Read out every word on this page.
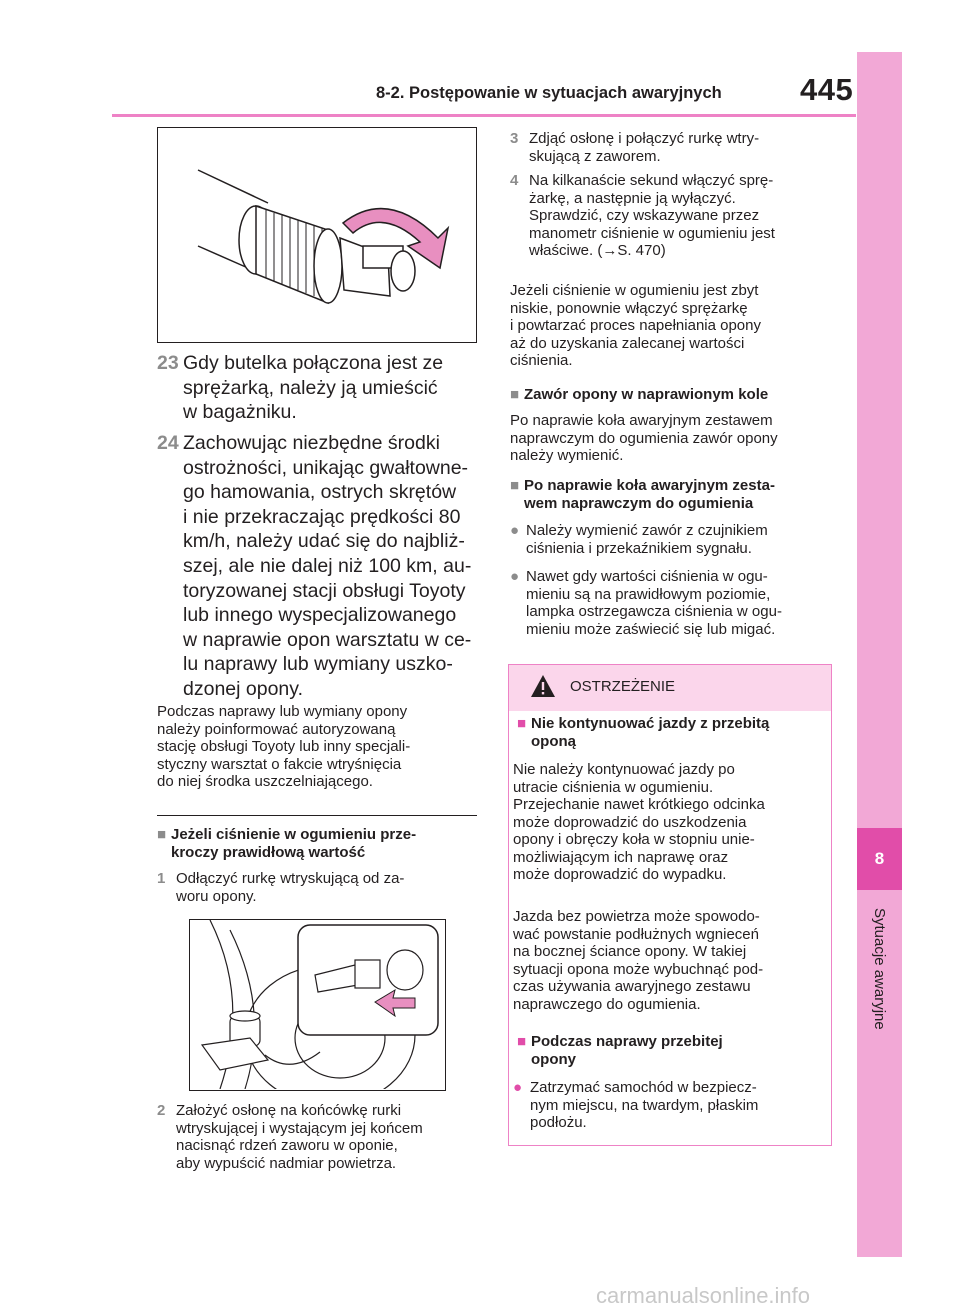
8-2. Postępowanie w sytuacjach awaryjnych	445
8
Sytuacje awaryjne
23 Gdy butelka połączona jest ze
sprężarką, należy ją umieścić
w bagażniku.
24 Zachowując niezbędne środki
ostrożności, unikając gwałtowne-
go hamowania, ostrych skrętów
i nie przekraczając prędkości 80
km/h, należy udać się do najbliż-
szej, ale nie dalej niż 100 km, au-
toryzowanej stacji obsługi Toyoty
lub innego wyspecjalizowanego
w naprawie opon warsztatu w ce-
lu naprawy lub wymiany uszko-
dzonej opony.
Podczas naprawy lub wymiany opony
należy poinformować autoryzowaną
stację obsługi Toyoty lub inny specjali-
styczny warsztat o fakcie wtryśnięcia
do niej środka uszczelniającego.
■ Jeżeli ciśnienie w ogumieniu prze-
kroczy prawidłową wartość
1 Odłączyć rurkę wtryskującą od za-
woru opony.
2 Założyć osłonę na końcówkę rurki
wtryskującej i wystającym jej końcem
nacisnąć rdzeń zaworu w oponie,
aby wypuścić nadmiar powietrza.
3 Zdjąć osłonę i połączyć rurkę wtry-
skującą z zaworem.
4 Na kilkanaście sekund włączyć sprę-
żarkę, a następnie ją wyłączyć.
Sprawdzić, czy wskazywane przez
manometr ciśnienie w ogumieniu jest
właściwe. (→S. 470)
Jeżeli ciśnienie w ogumieniu jest zbyt
niskie, ponownie włączyć sprężarkę
i powtarzać proces napełniania opony
aż do uzyskania zalecanej wartości
ciśnienia.
■ Zawór opony w naprawionym kole
Po naprawie koła awaryjnym zestawem
naprawczym do ogumienia zawór opony
należy wymienić.
■ Po naprawie koła awaryjnym zesta-
wem naprawczym do ogumienia
● Należy wymienić zawór z czujnikiem
ciśnienia i przekaźnikiem sygnału.
● Nawet gdy wartości ciśnienia w ogu-
mieniu są na prawidłowym poziomie,
lampka ostrzegawcza ciśnienia w ogu-
mieniu może zaświecić się lub migać.
OSTRZEŻENIE
■ Nie kontynuować jazdy z przebitą
oponą
Nie należy kontynuować jazdy po
utracie ciśnienia w ogumieniu.
Przejechanie nawet krótkiego odcinka
może doprowadzić do uszkodzenia
opony i obręczy koła w stopniu unie-
możliwiającym ich naprawę oraz
może doprowadzić do wypadku.
Jazda bez powietrza może spowodo-
wać powstanie podłużnych wgnieceń
na bocznej ściance opony. W takiej
sytuacji opona może wybuchnąć pod-
czas używania awaryjnego zestawu
naprawczego do ogumienia.
■ Podczas naprawy przebitej
opony
● Zatrzymać samochód w bezpiecz-
nym miejscu, na twardym, płaskim
podłożu.
carmanualsonline.info
